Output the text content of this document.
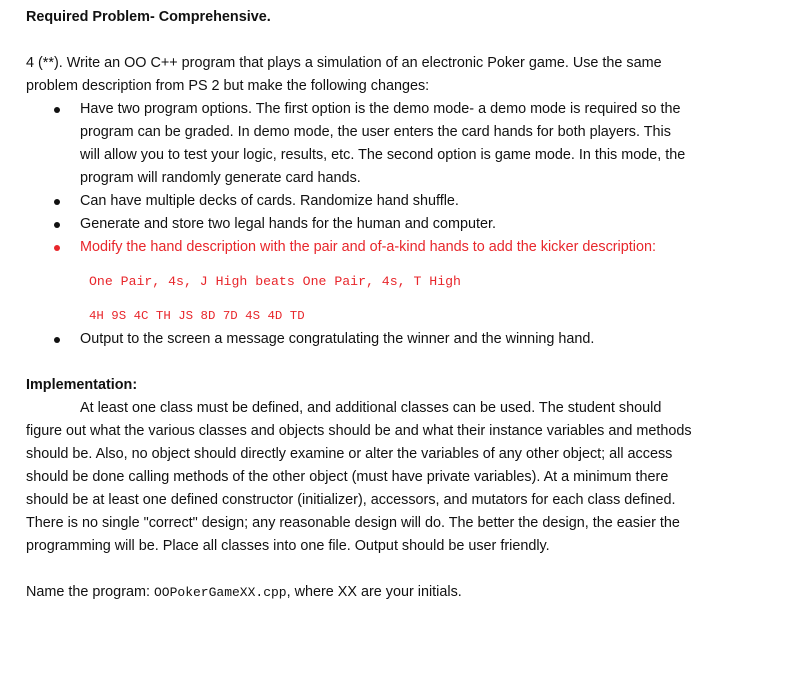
Required Problem- Comprehensive.

4 (**). Write an OO C++ program that plays a simulation of an electronic Poker game. Use the same
problem description from PS 2 but make the following changes:

Have two program options. The first option is the demo mode- a demo mode is required so the
program can be graded. In demo mode, the user enters the card hands for both players. This
will allow you to test your logic, results, etc. The second option is game mode. In this mode, the
program will randomly generate card hands.
Can have multiple decks of cards. Randomize hand shuffle.
Generate and store two legal hands for the human and computer.
Modify the hand description with the pair and of-a-kind hands to add the kicker description:
One Pair, 4s, J High beats One Pair, 4s, T High
4H 9S 4C TH JS 8D 7D 4S 4D TD
Output to the screen a message congratulating the winner and the winning hand.

Implementation:

At least one class must be defined, and additional classes can be used. The student should
figure out what the various classes and objects should be and what their instance variables and methods
should be. Also, no object should directly examine or alter the variables of any other object; all access
should be done calling methods of the other object (must have private variables). At a minimum there
should be at least one defined constructor (initializer), accessors, and mutators for each class defined.
There is no single "correct" design; any reasonable design will do. The better the design, the easier the
programming will be. Place all classes into one file. Output should be user friendly.

Name the program: OOPokerGameXX.cpp, where XX are your initials.
